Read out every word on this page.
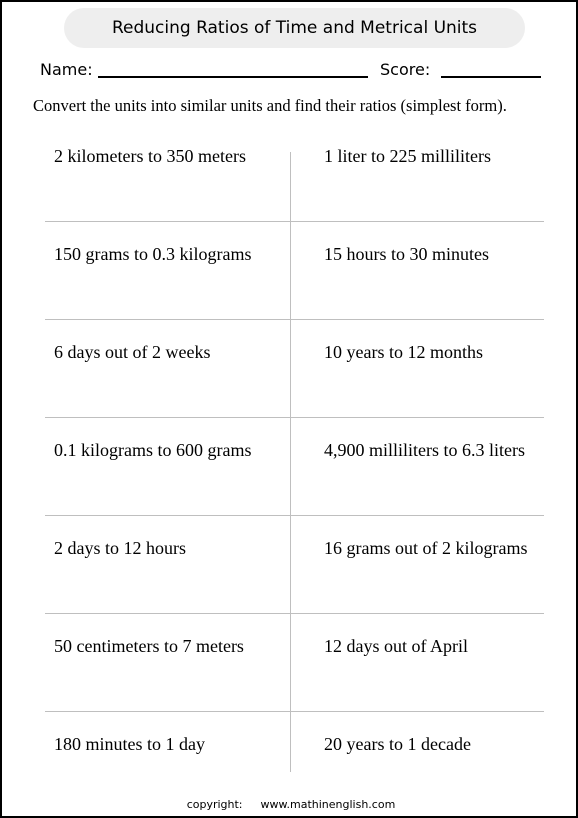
Reducing Ratios of Time and Metrical Units
Name:	Score:
Convert the units into similar units and find their ratios (simplest form).
2 kilometers to 350 meters
150 grams to 0.3 kilograms
6 days out of 2 weeks
0.1 kilograms to 600 grams
2 days to 12 hours
50 centimeters to 7 meters
180 minutes to 1 day
1 liter to 225 milliliters
15 hours to 30 minutes
10 years to 12 months
4,900 milliliters to 6.3 liters
16 grams out of 2 kilograms
12 days out of April
20 years to 1 decade
copyright: www.mathinenglish.com
